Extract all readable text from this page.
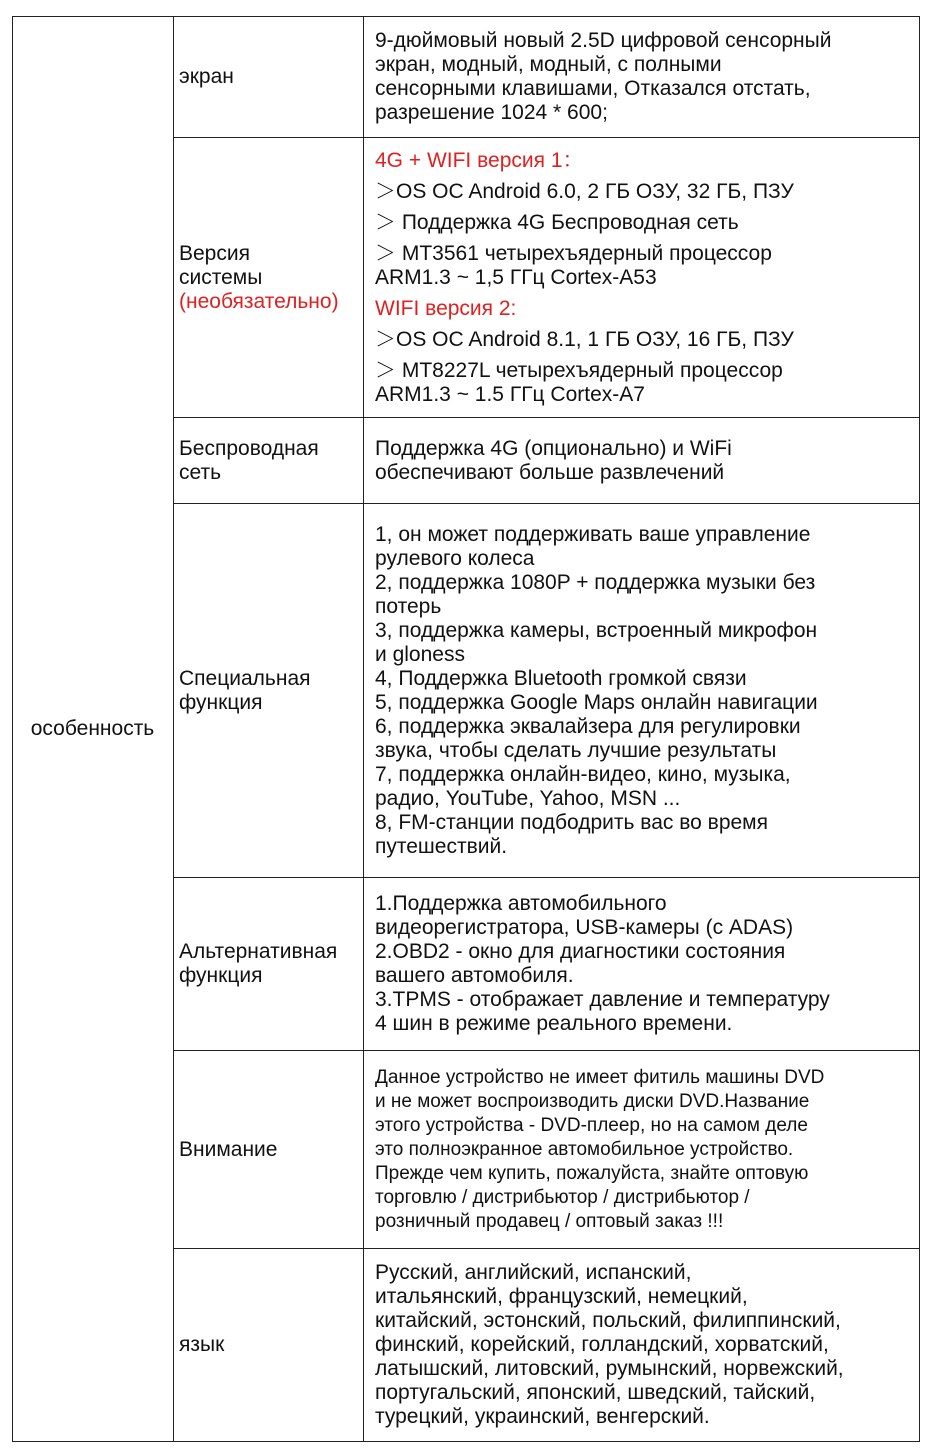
особенность
экран
9-дюймовый новый 2.5D цифровой сенсорный
экран, модный, модный, с полными
сенсорными клавишами, Отказался отстать,
разрешение 1024 * 600;
Версия
системы
(необязательно)
4G + WIFI версия 1：
＞OS OC Android 6.0, 2 ГБ ОЗУ, 32 ГБ, ПЗУ
＞ Поддержка 4G Беспроводная сеть
＞ MT3561 четырехъядерный процессор
ARM1.3 ~ 1,5 ГГц Cortex-A53
WIFI версия 2:
＞OS OC Android 8.1, 1 ГБ ОЗУ, 16 ГБ, ПЗУ
＞ MT8227L четырехъядерный процессор
ARM1.3 ~ 1.5 ГГц Cortex-A7
Беспроводная
сеть
Поддержка 4G (опционально) и WiFi
обеспечивают больше развлечений
Специальная
функция
1, он может поддерживать ваше управление
рулевого колеса
2, поддержка 1080P + поддержка музыки без
потерь
3, поддержка камеры, встроенный микрофон
и gloness
4, Поддержка Bluetooth громкой связи
5, поддержка Google Maps онлайн навигации
6, поддержка эквалайзера для регулировки
звука, чтобы сделать лучшие результаты
7, поддержка онлайн-видео, кино, музыка,
радио, YouTube, Yahoo, MSN ...
8, FM-станции подбодрить вас во время
путешествий.
Альтернативная
функция
1.Поддержка автомобильного
видеорегистратора, USB-камеры (с ADAS)
2.OBD2 - окно для диагностики состояния
вашего автомобиля.
3.TPMS - отображает давление и температуру
4 шин в режиме реального времени.
Внимание
Данное устройство не имеет фитиль машины DVD
и не может воспроизводить диски DVD.Название
этого устройства - DVD-плеер, но на самом деле
это полноэкранное автомобильное устройство.
Прежде чем купить, пожалуйста, знайте оптовую
торговлю / дистрибьютор / дистрибьютор /
розничный продавец / оптовый заказ !!!
язык
Русский, английский, испанский,
итальянский, французский, немецкий,
китайский, эстонский, польский, филиппинский,
финский, корейский, голландский, хорватский,
латышский, литовский, румынский, норвежский,
португальский, японский, шведский, тайский,
турецкий, украинский, венгерский.
